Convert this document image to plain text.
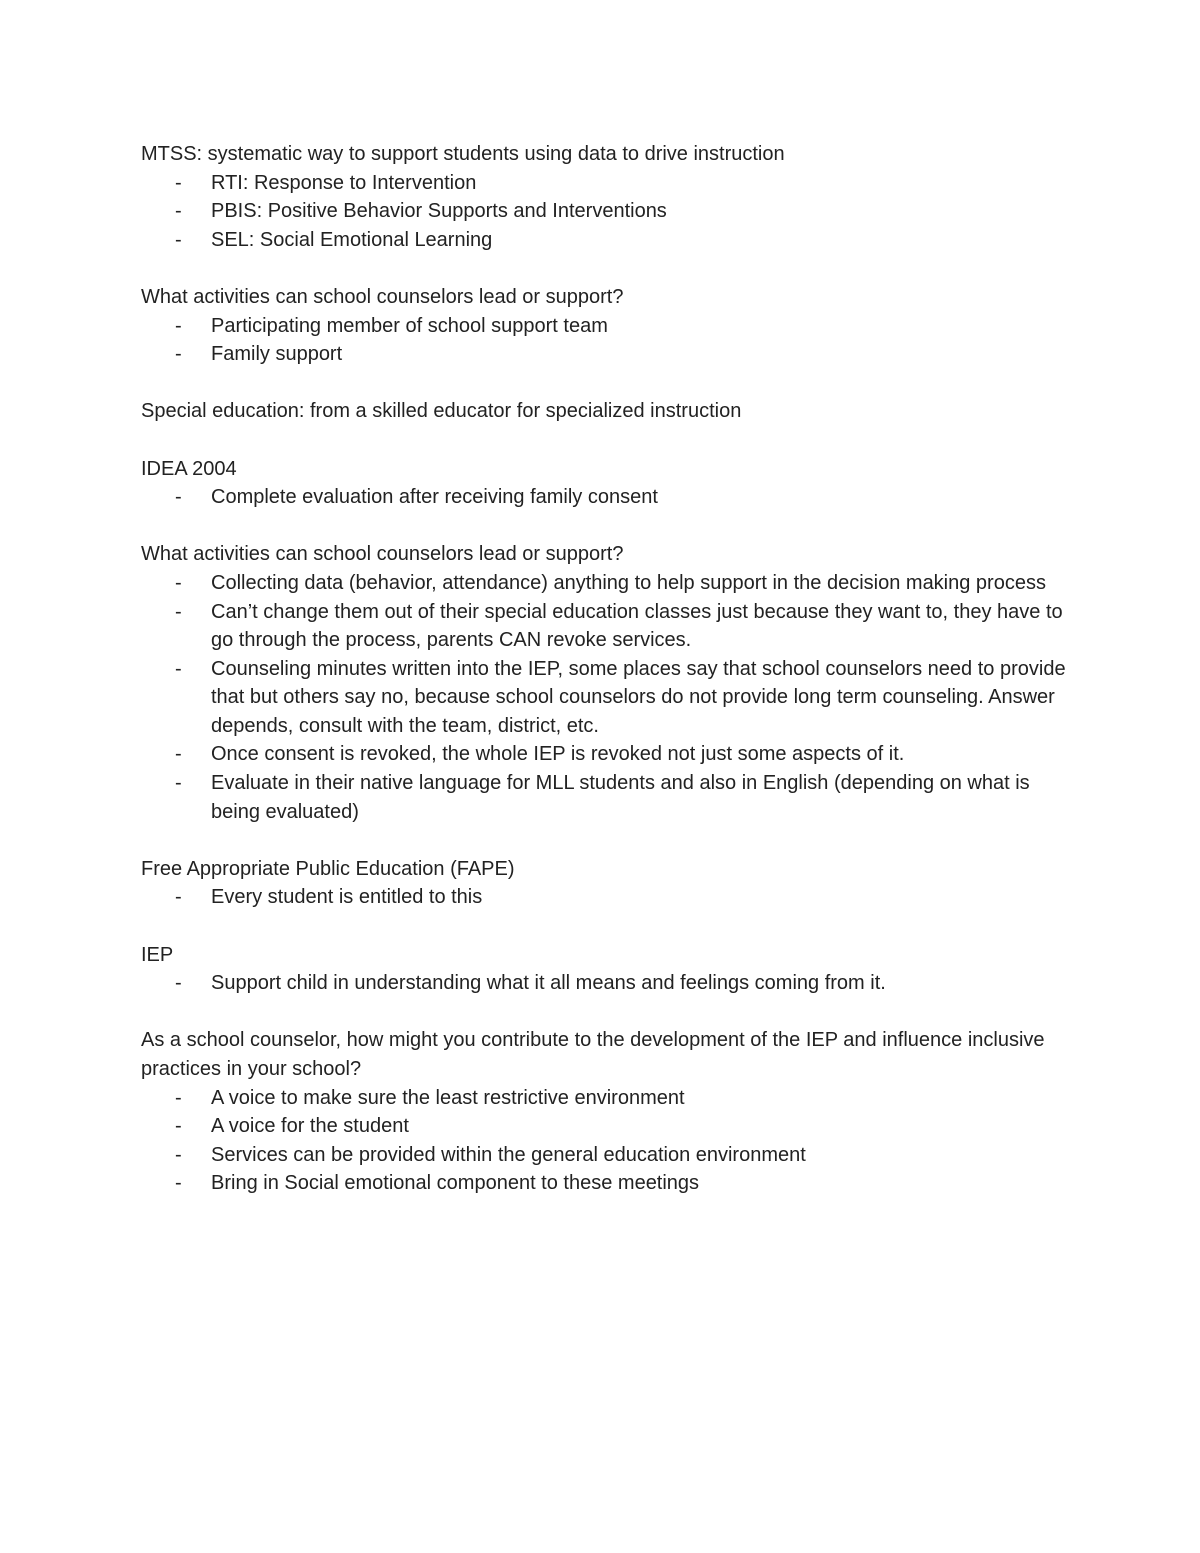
MTSS: systematic way to support students using data to drive instruction
- RTI: Response to Intervention
- PBIS: Positive Behavior Supports and Interventions
- SEL: Social Emotional Learning
What activities can school counselors lead or support?
- Participating member of school support team
- Family support
Special education: from a skilled educator for specialized instruction
IDEA 2004
- Complete evaluation after receiving family consent
What activities can school counselors lead or support?
- Collecting data (behavior, attendance) anything to help support in the decision making process
- Can’t change them out of their special education classes just because they want to, they have to go through the process, parents CAN revoke services.
- Counseling minutes written into the IEP, some places say that school counselors need to provide that but others say no, because school counselors do not provide long term counseling. Answer depends, consult with the team, district, etc.
- Once consent is revoked, the whole IEP is revoked not just some aspects of it.
- Evaluate in their native language for MLL students and also in English (depending on what is being evaluated)
Free Appropriate Public Education (FAPE)
- Every student is entitled to this
IEP
- Support child in understanding what it all means and feelings coming from it.
As a school counselor, how might you contribute to the development of the IEP and influence inclusive practices in your school?
- A voice to make sure the least restrictive environment
- A voice for the student
- Services can be provided within the general education environment
- Bring in Social emotional component to these meetings
